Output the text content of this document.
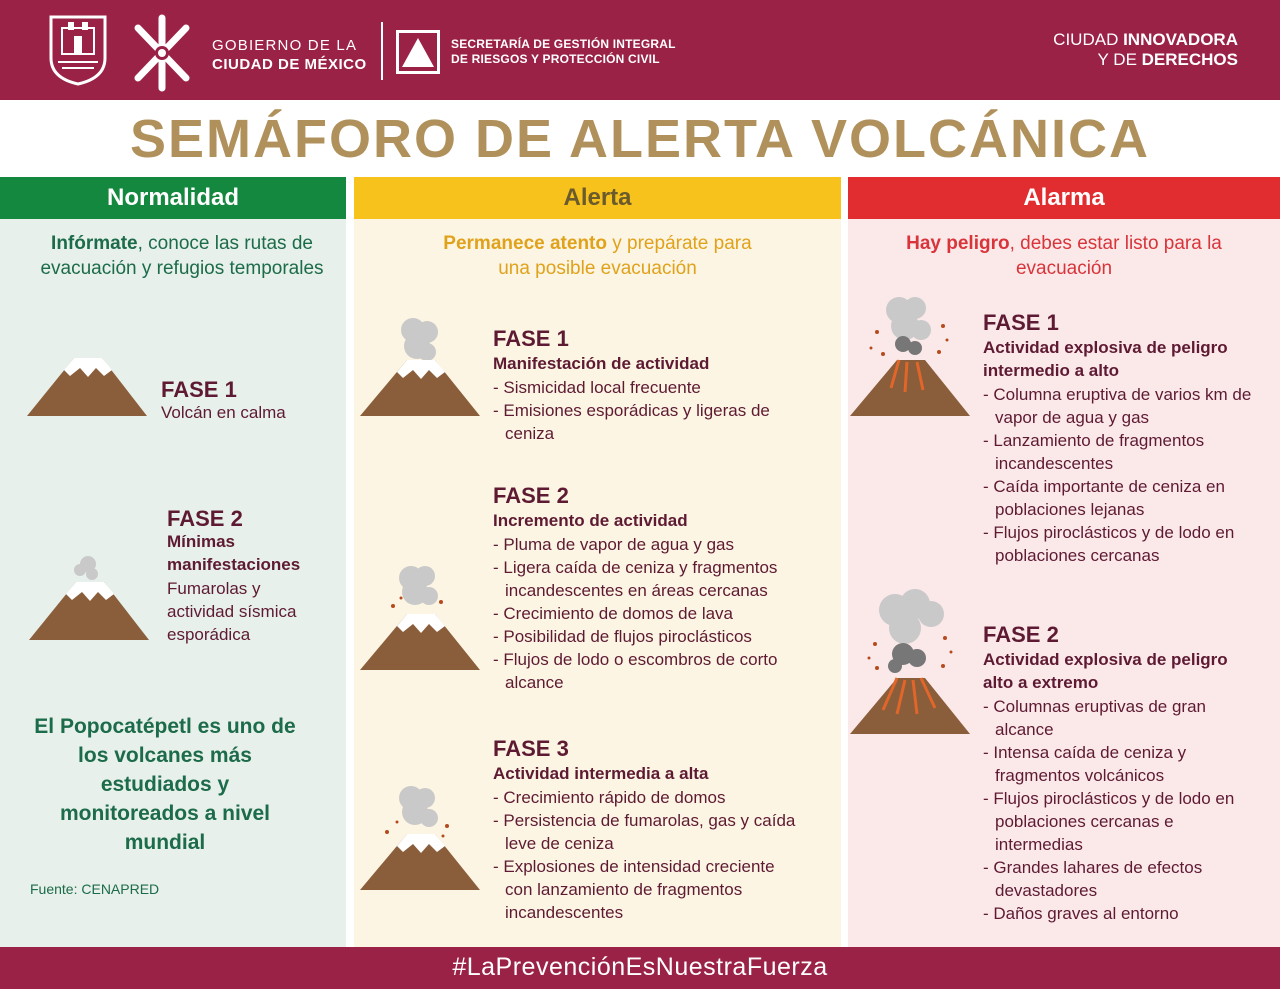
GOBIERNO DE LA
CIUDAD DE MÉXICO
SECRETARÍA DE GESTIÓN INTEGRAL
DE RIESGOS Y PROTECCIÓN CIVIL
CIUDAD INNOVADORA
Y DE DERECHOS
SEMÁFORO DE ALERTA VOLCÁNICA
Normalidad
Infórmate, conoce las rutas de
evacuación y refugios temporales
FASE 1
Volcán en calma
FASE 2
Mínimas
manifestaciones
Fumarolas y
actividad sísmica
esporádica
El Popocatépetl es uno de
los volcanes más
estudiados y
monitoreados a nivel
mundial
Fuente: CENAPRED
Alerta
Permanece atento y prepárate para
una posible evacuación
FASE 1
Manifestación de actividad
- Sismicidad local frecuente
- Emisiones esporádicas y ligeras de ceniza
FASE 2
Incremento de actividad
- Pluma de vapor de agua y gas
- Ligera caída de ceniza y fragmentos incandescentes en áreas cercanas
- Crecimiento de domos de lava
- Posibilidad de flujos piroclásticos
- Flujos de lodo o escombros de corto alcance
FASE 3
Actividad intermedia a alta
- Crecimiento rápido de domos
- Persistencia de fumarolas, gas y caída leve de ceniza
- Explosiones de intensidad creciente con lanzamiento de fragmentos incandescentes
Alarma
Hay peligro, debes estar listo para la
evacuación
FASE 1
Actividad explosiva de peligro
intermedio a alto
- Columna eruptiva de varios km de vapor de agua y gas
- Lanzamiento de fragmentos incandescentes
- Caída importante de ceniza en poblaciones lejanas
- Flujos piroclásticos y de lodo en poblaciones cercanas
FASE 2
Actividad explosiva de peligro
alto a extremo
- Columnas eruptivas de gran alcance
- Intensa caída de ceniza y fragmentos volcánicos
- Flujos piroclásticos y de lodo en poblaciones cercanas e intermedias
- Grandes lahares de efectos devastadores
- Daños graves al entorno
#LaPrevenciónEsNuestraFuerza
